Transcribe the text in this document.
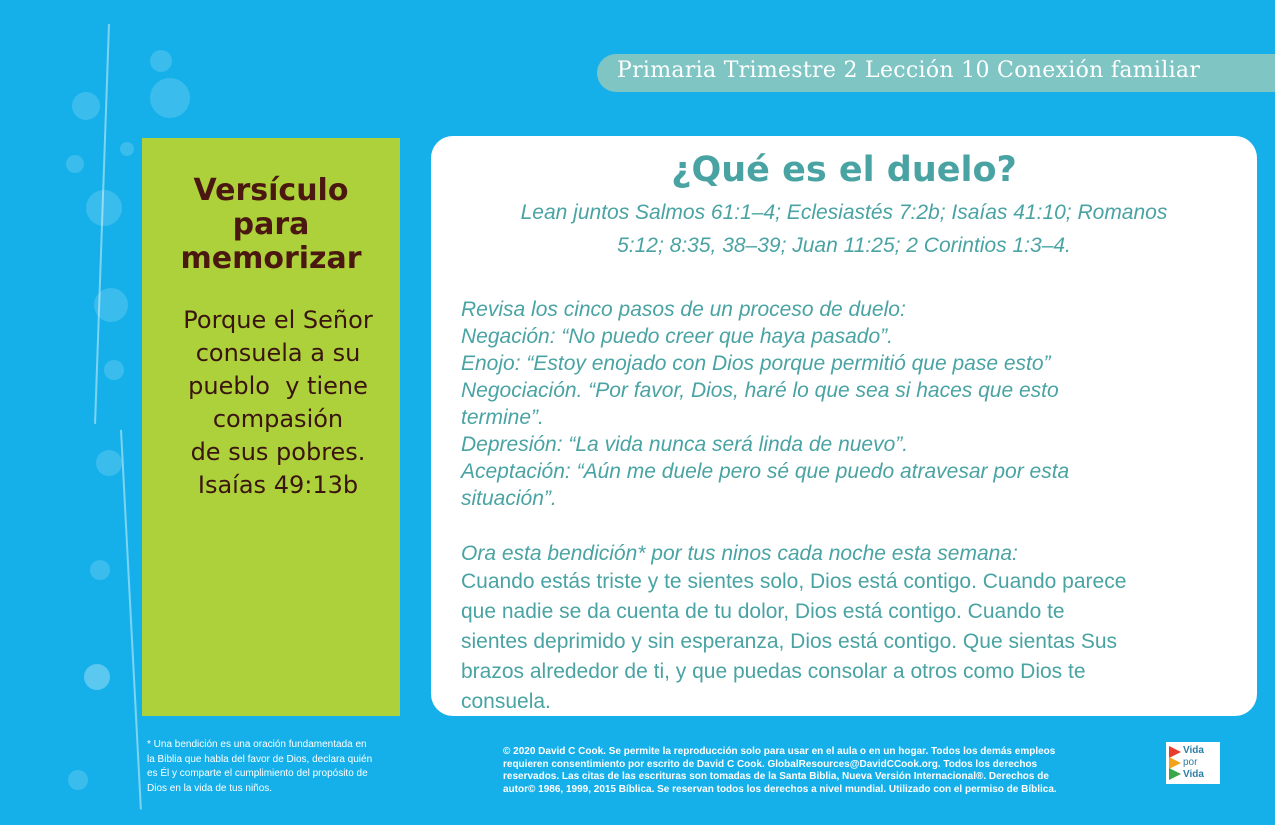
Primaria Trimestre 2 Lección 10 Conexión familiar
Versículo
para
memorizar
Porque el Señor
consuela a su
pueblo  y tiene
compasión
de sus pobres.
Isaías 49:13b
¿Qué es el duelo?
Lean juntos Salmos 61:1–4; Eclesiastés 7:2b; Isaías 41:10; Romanos
5:12; 8:35, 38–39; Juan 11:25; 2 Corintios 1:3–4.
Revisa los cinco pasos de un proceso de duelo:
Negación: “No puedo creer que haya pasado”.
Enojo: “Estoy enojado con Dios porque permitió que pase esto”
Negociación. “Por favor, Dios, haré lo que sea si haces que esto
termine”.
Depresión: “La vida nunca será linda de nuevo”.
Aceptación: “Aún me duele pero sé que puedo atravesar por esta
situación”.
Ora esta bendición* por tus ninos cada noche esta semana:
Cuando estás triste y te sientes solo, Dios está contigo. Cuando parece
que nadie se da cuenta de tu dolor, Dios está contigo. Cuando te
sientes deprimido y sin esperanza, Dios está contigo. Que sientas Sus
brazos alrededor de ti, y que puedas consolar a otros como Dios te
consuela.
* Una bendición es una oración fundamentada en
la Biblia que habla del favor de Dios, declara quién
es Él y comparte el cumplimiento del propósito de
Dios en la vida de tus niños.
© 2020 David C Cook. Se permite la reproducción solo para usar en el aula o en un hogar. Todos los demás empleos
requieren consentimiento por escrito de David C Cook. GlobalResources@DavidCCook.org. Todos los derechos
reservados. Las citas de las escrituras son tomadas de la Santa Biblia, Nueva Versión Internacional®. Derechos de
autor© 1986, 1999, 2015 Bíblica. Se reservan todos los derechos a nivel mundial. Utilizado con el permiso de Bíblica.
Vida
por
Vida
